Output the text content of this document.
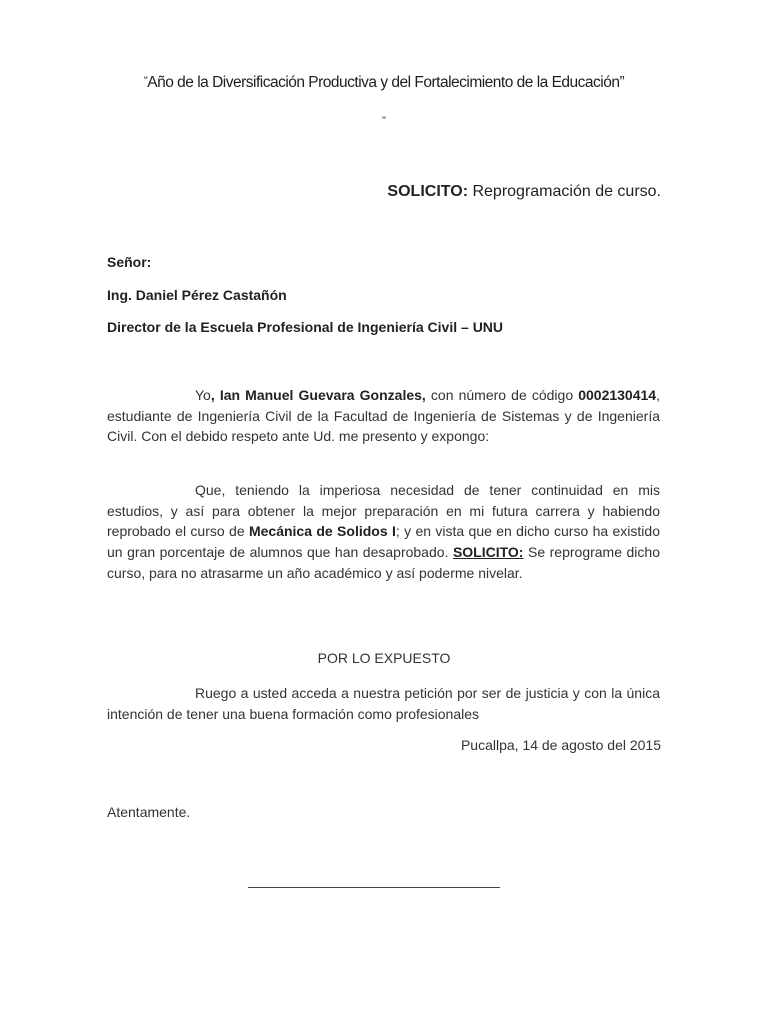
"Año de la Diversificación Productiva y del Fortalecimiento de la Educación”
"
SOLICITO: Reprogramación de curso.
Señor:
Ing. Daniel Pérez Castañón
Director de la Escuela Profesional de Ingeniería Civil – UNU
Yo, Ian Manuel Guevara Gonzales, con número de código 0002130414, estudiante de Ingeniería Civil de la Facultad de Ingeniería de Sistemas y de Ingeniería Civil. Con el debido respeto ante Ud. me presento y expongo:
Que, teniendo la imperiosa necesidad de tener continuidad en mis estudios, y así para obtener la mejor preparación en mi futura carrera y habiendo reprobado el curso de Mecánica de Solidos I; y en vista que en dicho curso ha existido un gran porcentaje de alumnos que han desaprobado. SOLICITO: Se reprograme dicho curso, para no atrasarme un año académico y así poderme nivelar.
POR LO EXPUESTO
Ruego a usted acceda a nuestra petición por ser de justicia y con la única intención de tener una buena formación como profesionales
Pucallpa, 14 de agosto del 2015
Atentamente.
